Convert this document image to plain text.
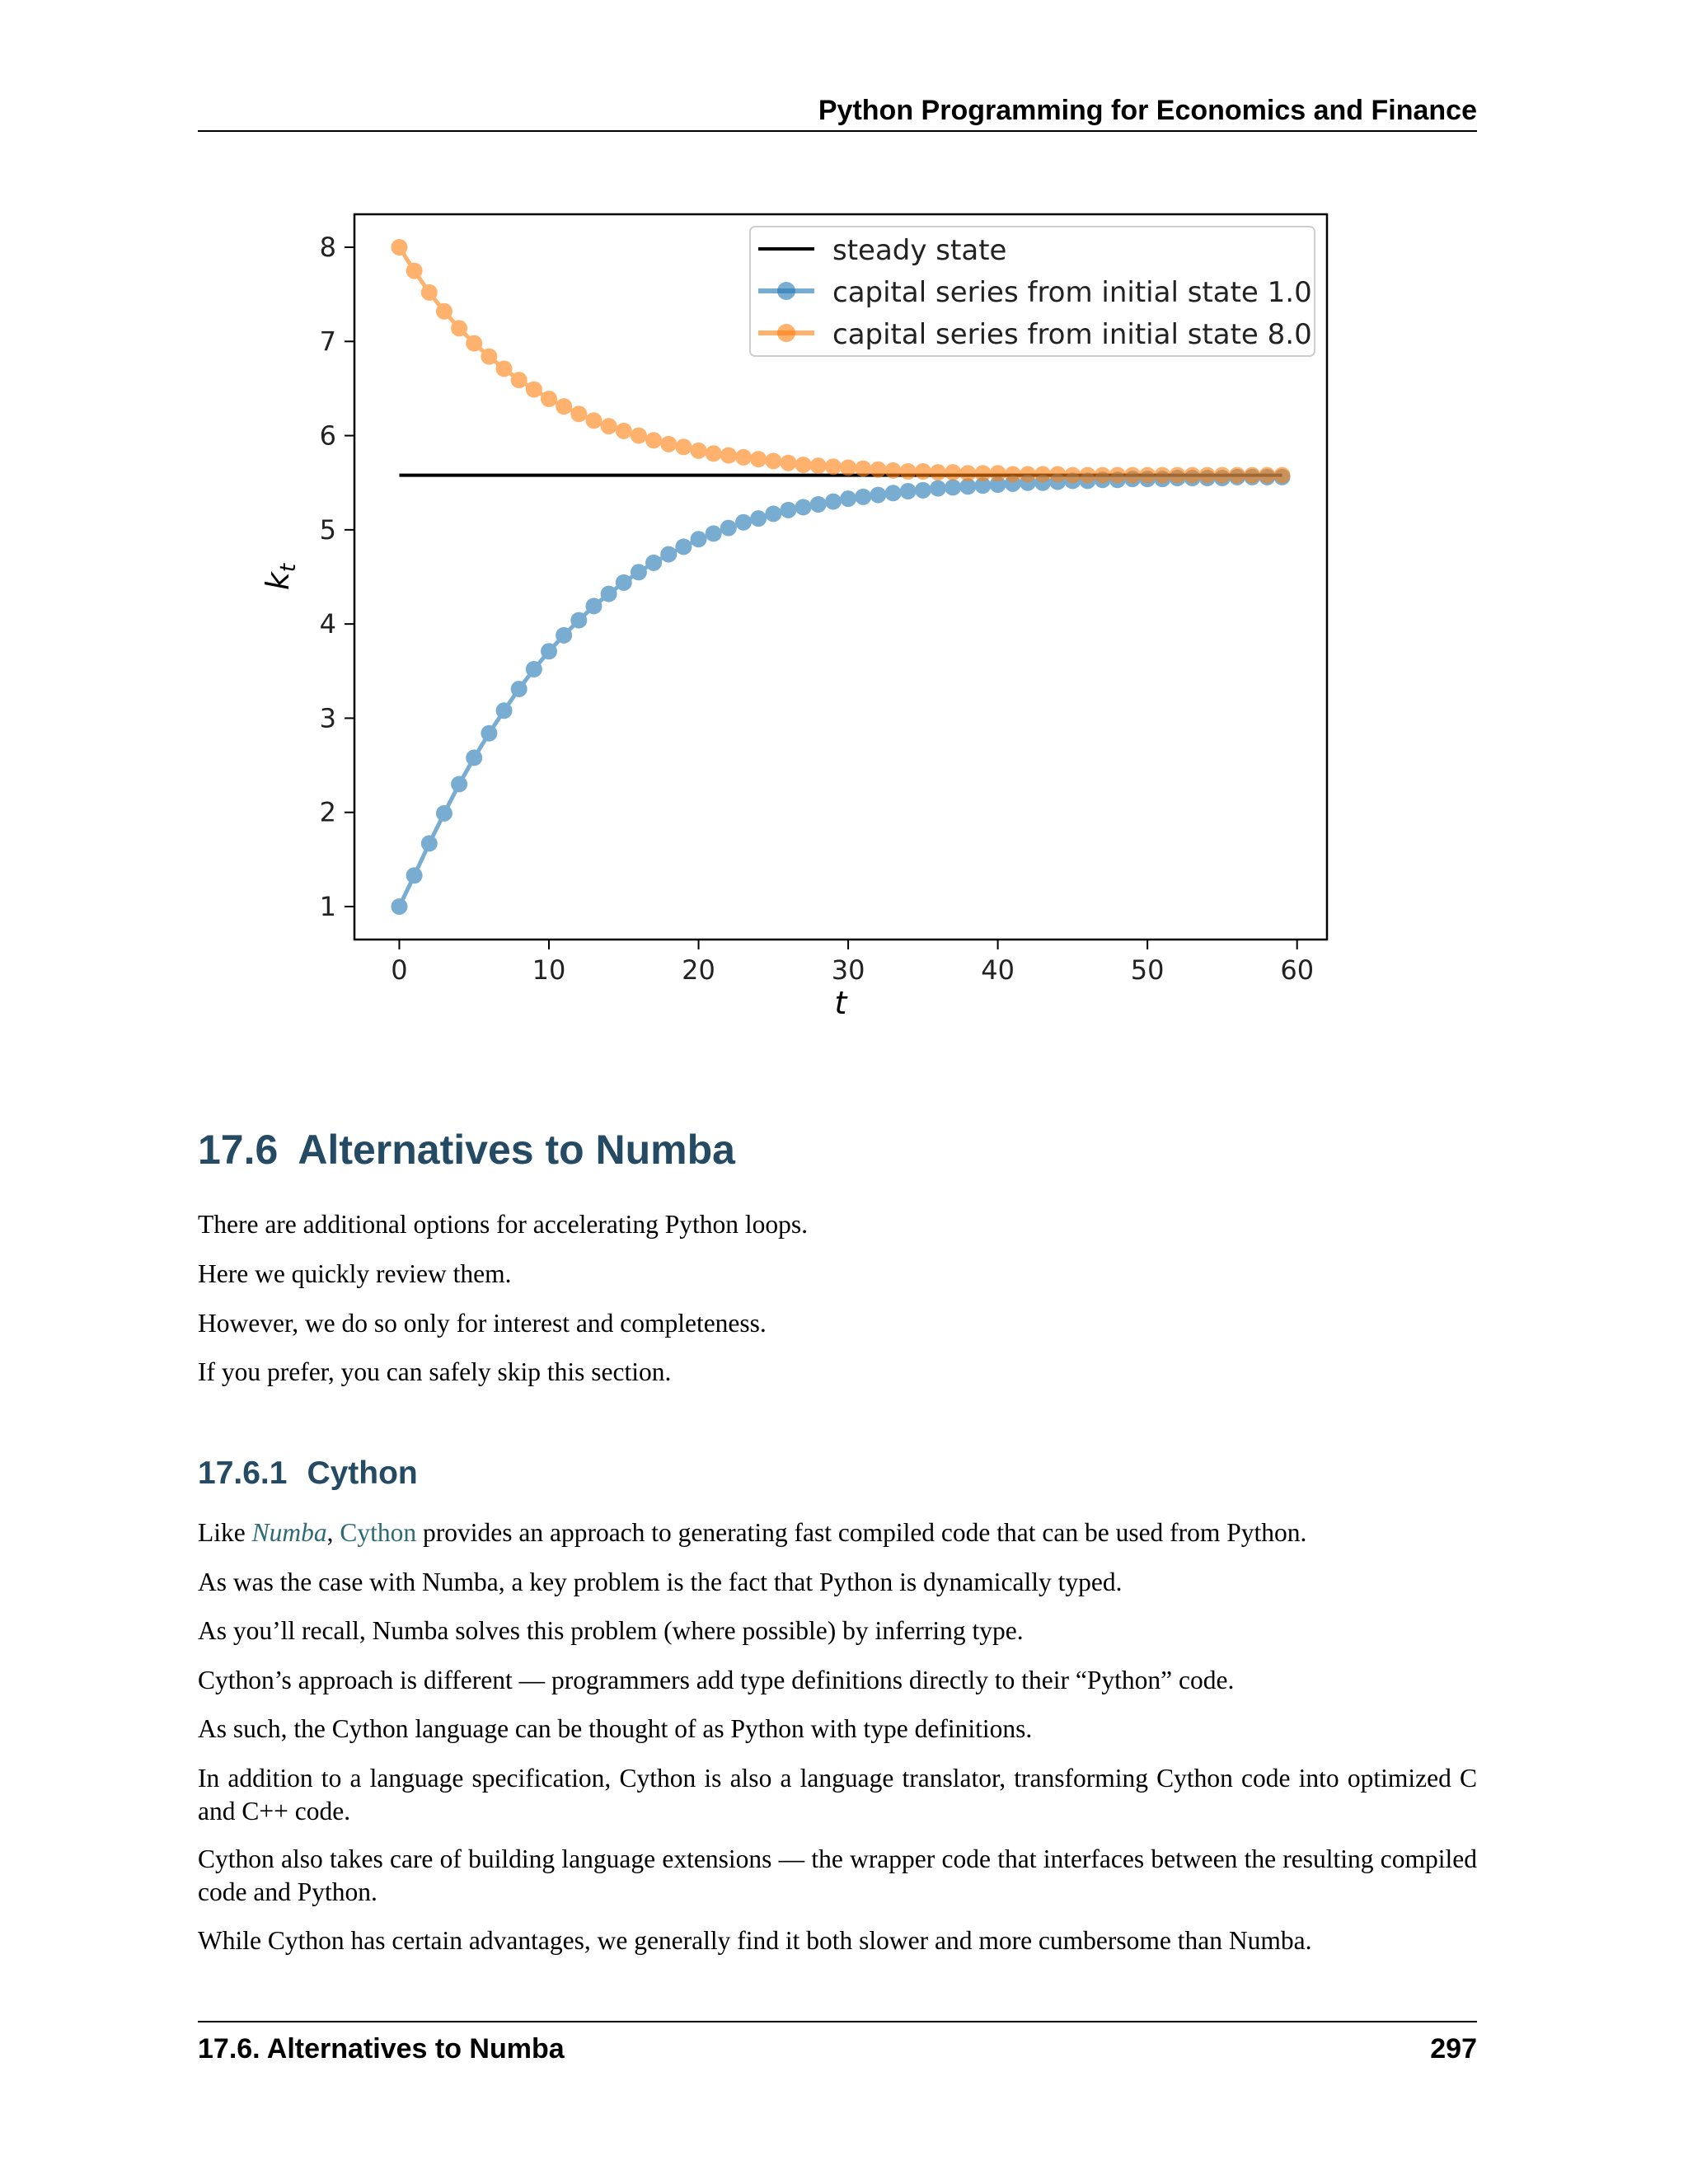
Python Programming for Economics and Finance
0	10	20	30	40	50	60
1
2
3
4
5
6
7
8
t
$k_t$
steady state
capital series from initial state 1.0
capital series from initial state 8.0
17.6 Alternatives to Numba

There are additional options for accelerating Python loops.

Here we quickly review them.

However, we do so only for interest and completeness.

If you prefer, you can safely skip this section.

17.6.1 Cython

Like Numba, Cython provides an approach to generating fast compiled code that can be used from Python.

As was the case with Numba, a key problem is the fact that Python is dynamically typed.

As you’ll recall, Numba solves this problem (where possible) by inferring type.

Cython’s approach is different — programmers add type definitions directly to their “Python” code.

As such, the Cython language can be thought of as Python with type definitions.

In addition to a language specification, Cython is also a language translator, transforming Cython code into optimized C and C++ code.

Cython also takes care of building language extensions — the wrapper code that interfaces between the resulting compiled code and Python.

While Cython has certain advantages, we generally find it both slower and more cumbersome than Numba.

17.6. Alternatives to Numba	297
